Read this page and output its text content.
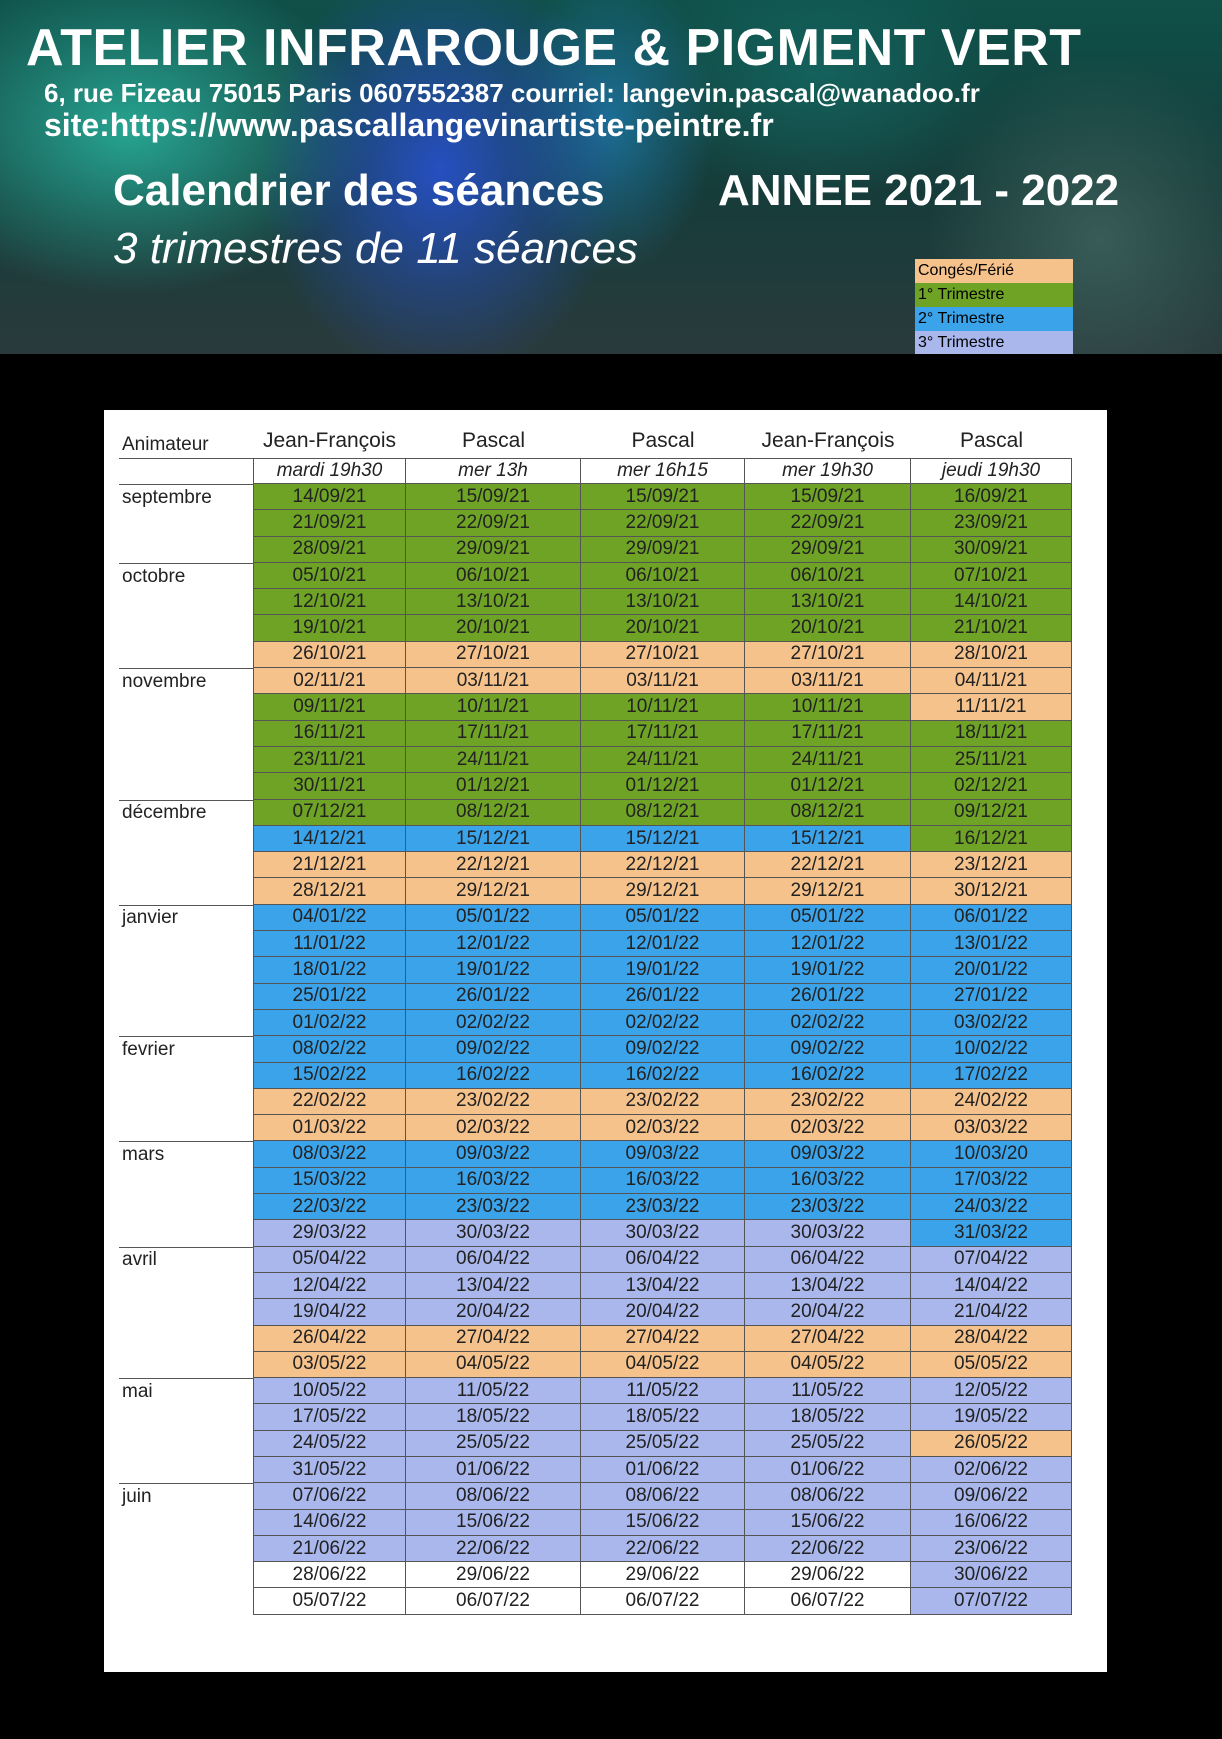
ATELIER INFRAROUGE & PIGMENT VERT
6, rue Fizeau 75015 Paris 0607552387 courriel: langevin.pascal@wanadoo.fr
site:https://www.pascallangevinartiste-peintre.fr
Calendrier des séances	ANNEE 2021 - 2022
3 trimestres de 11 séances	Congés/Férié
1° Trimestre
2° Trimestre
3° Trimestre
Animateur	Jean-François	Pascal	Pascal	Jean-François	Pascal
mardi 19h30	mer 13h	mer 16h15	mer 19h30	jeudi 19h30
septembre	14/09/21	15/09/21	15/09/21	15/09/21	16/09/21
21/09/21	22/09/21	22/09/21	22/09/21	23/09/21
28/09/21	29/09/21	29/09/21	29/09/21	30/09/21
octobre	05/10/21	06/10/21	06/10/21	06/10/21	07/10/21
12/10/21	13/10/21	13/10/21	13/10/21	14/10/21
19/10/21	20/10/21	20/10/21	20/10/21	21/10/21
26/10/21	27/10/21	27/10/21	27/10/21	28/10/21
novembre	02/11/21	03/11/21	03/11/21	03/11/21	04/11/21
09/11/21	10/11/21	10/11/21	10/11/21	11/11/21
16/11/21	17/11/21	17/11/21	17/11/21	18/11/21
23/11/21	24/11/21	24/11/21	24/11/21	25/11/21
30/11/21	01/12/21	01/12/21	01/12/21	02/12/21
décembre	07/12/21	08/12/21	08/12/21	08/12/21	09/12/21
14/12/21	15/12/21	15/12/21	15/12/21	16/12/21
21/12/21	22/12/21	22/12/21	22/12/21	23/12/21
28/12/21	29/12/21	29/12/21	29/12/21	30/12/21
janvier	04/01/22	05/01/22	05/01/22	05/01/22	06/01/22
11/01/22	12/01/22	12/01/22	12/01/22	13/01/22
18/01/22	19/01/22	19/01/22	19/01/22	20/01/22
25/01/22	26/01/22	26/01/22	26/01/22	27/01/22
01/02/22	02/02/22	02/02/22	02/02/22	03/02/22
fevrier	08/02/22	09/02/22	09/02/22	09/02/22	10/02/22
15/02/22	16/02/22	16/02/22	16/02/22	17/02/22
22/02/22	23/02/22	23/02/22	23/02/22	24/02/22
01/03/22	02/03/22	02/03/22	02/03/22	03/03/22
mars	08/03/22	09/03/22	09/03/22	09/03/22	10/03/20
15/03/22	16/03/22	16/03/22	16/03/22	17/03/22
22/03/22	23/03/22	23/03/22	23/03/22	24/03/22
29/03/22	30/03/22	30/03/22	30/03/22	31/03/22
avril	05/04/22	06/04/22	06/04/22	06/04/22	07/04/22
12/04/22	13/04/22	13/04/22	13/04/22	14/04/22
19/04/22	20/04/22	20/04/22	20/04/22	21/04/22
26/04/22	27/04/22	27/04/22	27/04/22	28/04/22
03/05/22	04/05/22	04/05/22	04/05/22	05/05/22
mai	10/05/22	11/05/22	11/05/22	11/05/22	12/05/22
17/05/22	18/05/22	18/05/22	18/05/22	19/05/22
24/05/22	25/05/22	25/05/22	25/05/22	26/05/22
31/05/22	01/06/22	01/06/22	01/06/22	02/06/22
juin	07/06/22	08/06/22	08/06/22	08/06/22	09/06/22
14/06/22	15/06/22	15/06/22	15/06/22	16/06/22
21/06/22	22/06/22	22/06/22	22/06/22	23/06/22
28/06/22	29/06/22	29/06/22	29/06/22	30/06/22
05/07/22	06/07/22	06/07/22	06/07/22	07/07/22
